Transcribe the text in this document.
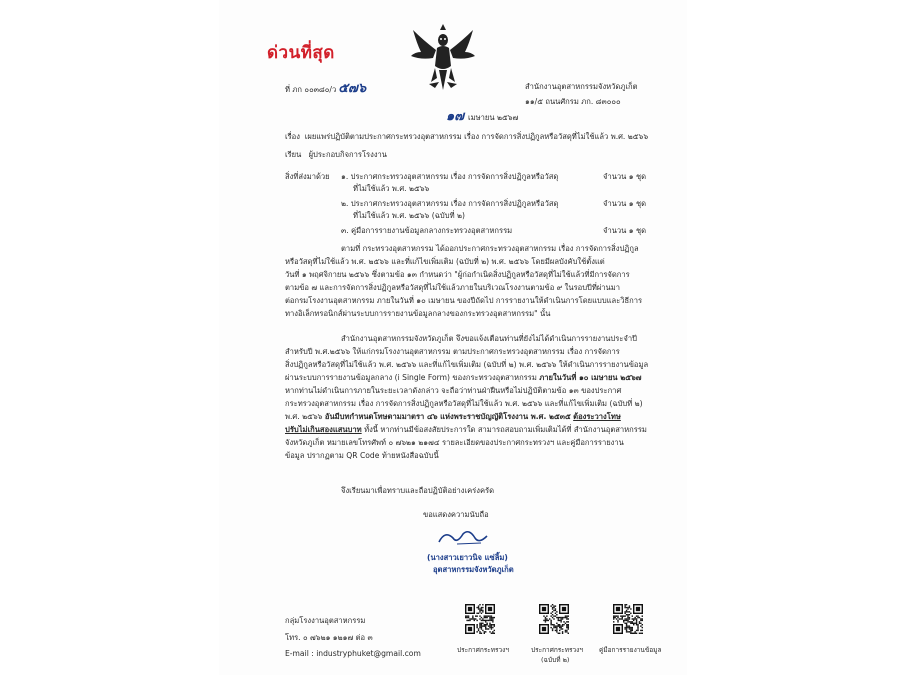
ด่วนที่สุด
ที่ ภก ๐๐๓๘๐/ว ๕๗๖	สำนักงานอุตสาหกรรมจังหวัดภูเก็ต
๑๑/๕ ถนนศักรม ภก. ๘๓๐๐๐
๑๗ เมษายน ๒๕๖๗
เรื่อง เผยแพร่ปฏิบัติตามประกาศกระทรวงอุตสาหกรรม เรื่อง การจัดการสิ่งปฏิกูลหรือวัสดุที่ไม่ใช้แล้ว พ.ศ. ๒๕๖๖
เรียน ผู้ประกอบกิจการโรงงาน
สิ่งที่ส่งมาด้วย ๑. ประกาศกระทรวงอุตสาหกรรม เรื่อง การจัดการสิ่งปฏิกูลหรือวัสดุ
ที่ไม่ใช้แล้ว พ.ศ. ๒๕๖๖
จำนวน ๑ ชุด
๒. ประกาศกระทรวงอุตสาหกรรม เรื่อง การจัดการสิ่งปฏิกูลหรือวัสดุ
ที่ไม่ใช้แล้ว พ.ศ. ๒๕๖๖ (ฉบับที่ ๒)
จำนวน ๑ ชุด
๓. คู่มือการรายงานข้อมูลกลางกระทรวงอุตสาหกรรม	จำนวน ๑ ชุด
ตามที่ กระทรวงอุตสาหกรรม ได้ออกประกาศกระทรวงอุตสาหกรรม เรื่อง การจัดการสิ่งปฏิกูล
หรือวัสดุที่ไม่ใช้แล้ว พ.ศ. ๒๕๖๖ และที่แก้ไขเพิ่มเติม (ฉบับที่ ๒) พ.ศ. ๒๕๖๖ โดยมีผลบังคับใช้ตั้งแต่
วันที่ ๑ พฤศจิกายน ๒๕๖๖ ซึ่งตามข้อ ๑๓ กำหนดว่า "ผู้ก่อกำเนิดสิ่งปฏิกูลหรือวัสดุที่ไม่ใช้แล้วที่มีการจัดการ
ตามข้อ ๗ และการจัดการสิ่งปฏิกูลหรือวัสดุที่ไม่ใช้แล้วภายในบริเวณโรงงานตามข้อ ๙ ในรอบปีที่ผ่านมา
ต่อกรมโรงงานอุตสาหกรรม ภายในวันที่ ๑๐ เมษายน ของปีถัดไป การรายงานให้ดำเนินการโดยแบบและวิธีการ
ทางอิเล็กทรอนิกส์ผ่านระบบการรายงานข้อมูลกลางของกระทรวงอุตสาหกรรม" นั้น
สำนักงานอุตสาหกรรมจังหวัดภูเก็ต จึงขอแจ้งเตือนท่านที่ยังไม่ได้ดำเนินการรายงานประจำปี
สำหรับปี พ.ศ.๒๕๖๖ ให้แก่กรมโรงงานอุตสาหกรรม ตามประกาศกระทรวงอุตสาหกรรม เรื่อง การจัดการ
สิ่งปฏิกูลหรือวัสดุที่ไม่ใช้แล้ว พ.ศ. ๒๕๖๖ และที่แก้ไขเพิ่มเติม (ฉบับที่ ๒) พ.ศ. ๒๕๖๖ ให้ดำเนินการรายงานข้อมูล
ผ่านระบบการรายงานข้อมูลกลาง (i Single Form) ของกระทรวงอุตสาหกรรม ภายในวันที่ ๑๐ เมษายน ๒๕๖๗
หากท่านไม่ดำเนินการภายในระยะเวลาดังกล่าว จะถือว่าท่านฝ่าฝืนหรือไม่ปฏิบัติตามข้อ ๑๓ ของประกาศ
กระทรวงอุตสาหกรรม เรื่อง การจัดการสิ่งปฏิกูลหรือวัสดุที่ไม่ใช้แล้ว พ.ศ. ๒๕๖๖ และที่แก้ไขเพิ่มเติม (ฉบับที่ ๒)
พ.ศ. ๒๕๖๖ อันมีบทกำหนดโทษตามมาตรา ๔๖ แห่งพระราชบัญญัติโรงงาน พ.ศ. ๒๕๓๕ ต้องระวางโทษ
ปรับไม่เกินสองแสนบาท ทั้งนี้ หากท่านมีข้อสงสัยประการใด สามารถสอบถามเพิ่มเติมได้ที่ สำนักงานอุตสาหกรรม
จังหวัดภูเก็ต หมายเลขโทรศัพท์ ๐ ๗๖๒๑ ๒๑๗๔ รายละเอียดของประกาศกระทรวงฯ และคู่มือการรายงาน
ข้อมูล ปรากฏตาม QR Code ท้ายหนังสือฉบับนี้
จึงเรียนมาเพื่อทราบและถือปฏิบัติอย่างเคร่งครัด
ขอแสดงความนับถือ
(นางสาวเยาวนิจ แซ่ลิ้ม)
อุตสาหกรรมจังหวัดภูเก็ต
กลุ่มโรงงานอุตสาหกรรม
โทร. ๐ ๗๖๒๑ ๑๒๑๗ ต่อ ๓
E-mail : industryphuket@gmail.com	ประกาศกระทรวงฯ	ประกาศกระทรวงฯ
(ฉบับที่ ๒)
คู่มือการรายงานข้อมูล
